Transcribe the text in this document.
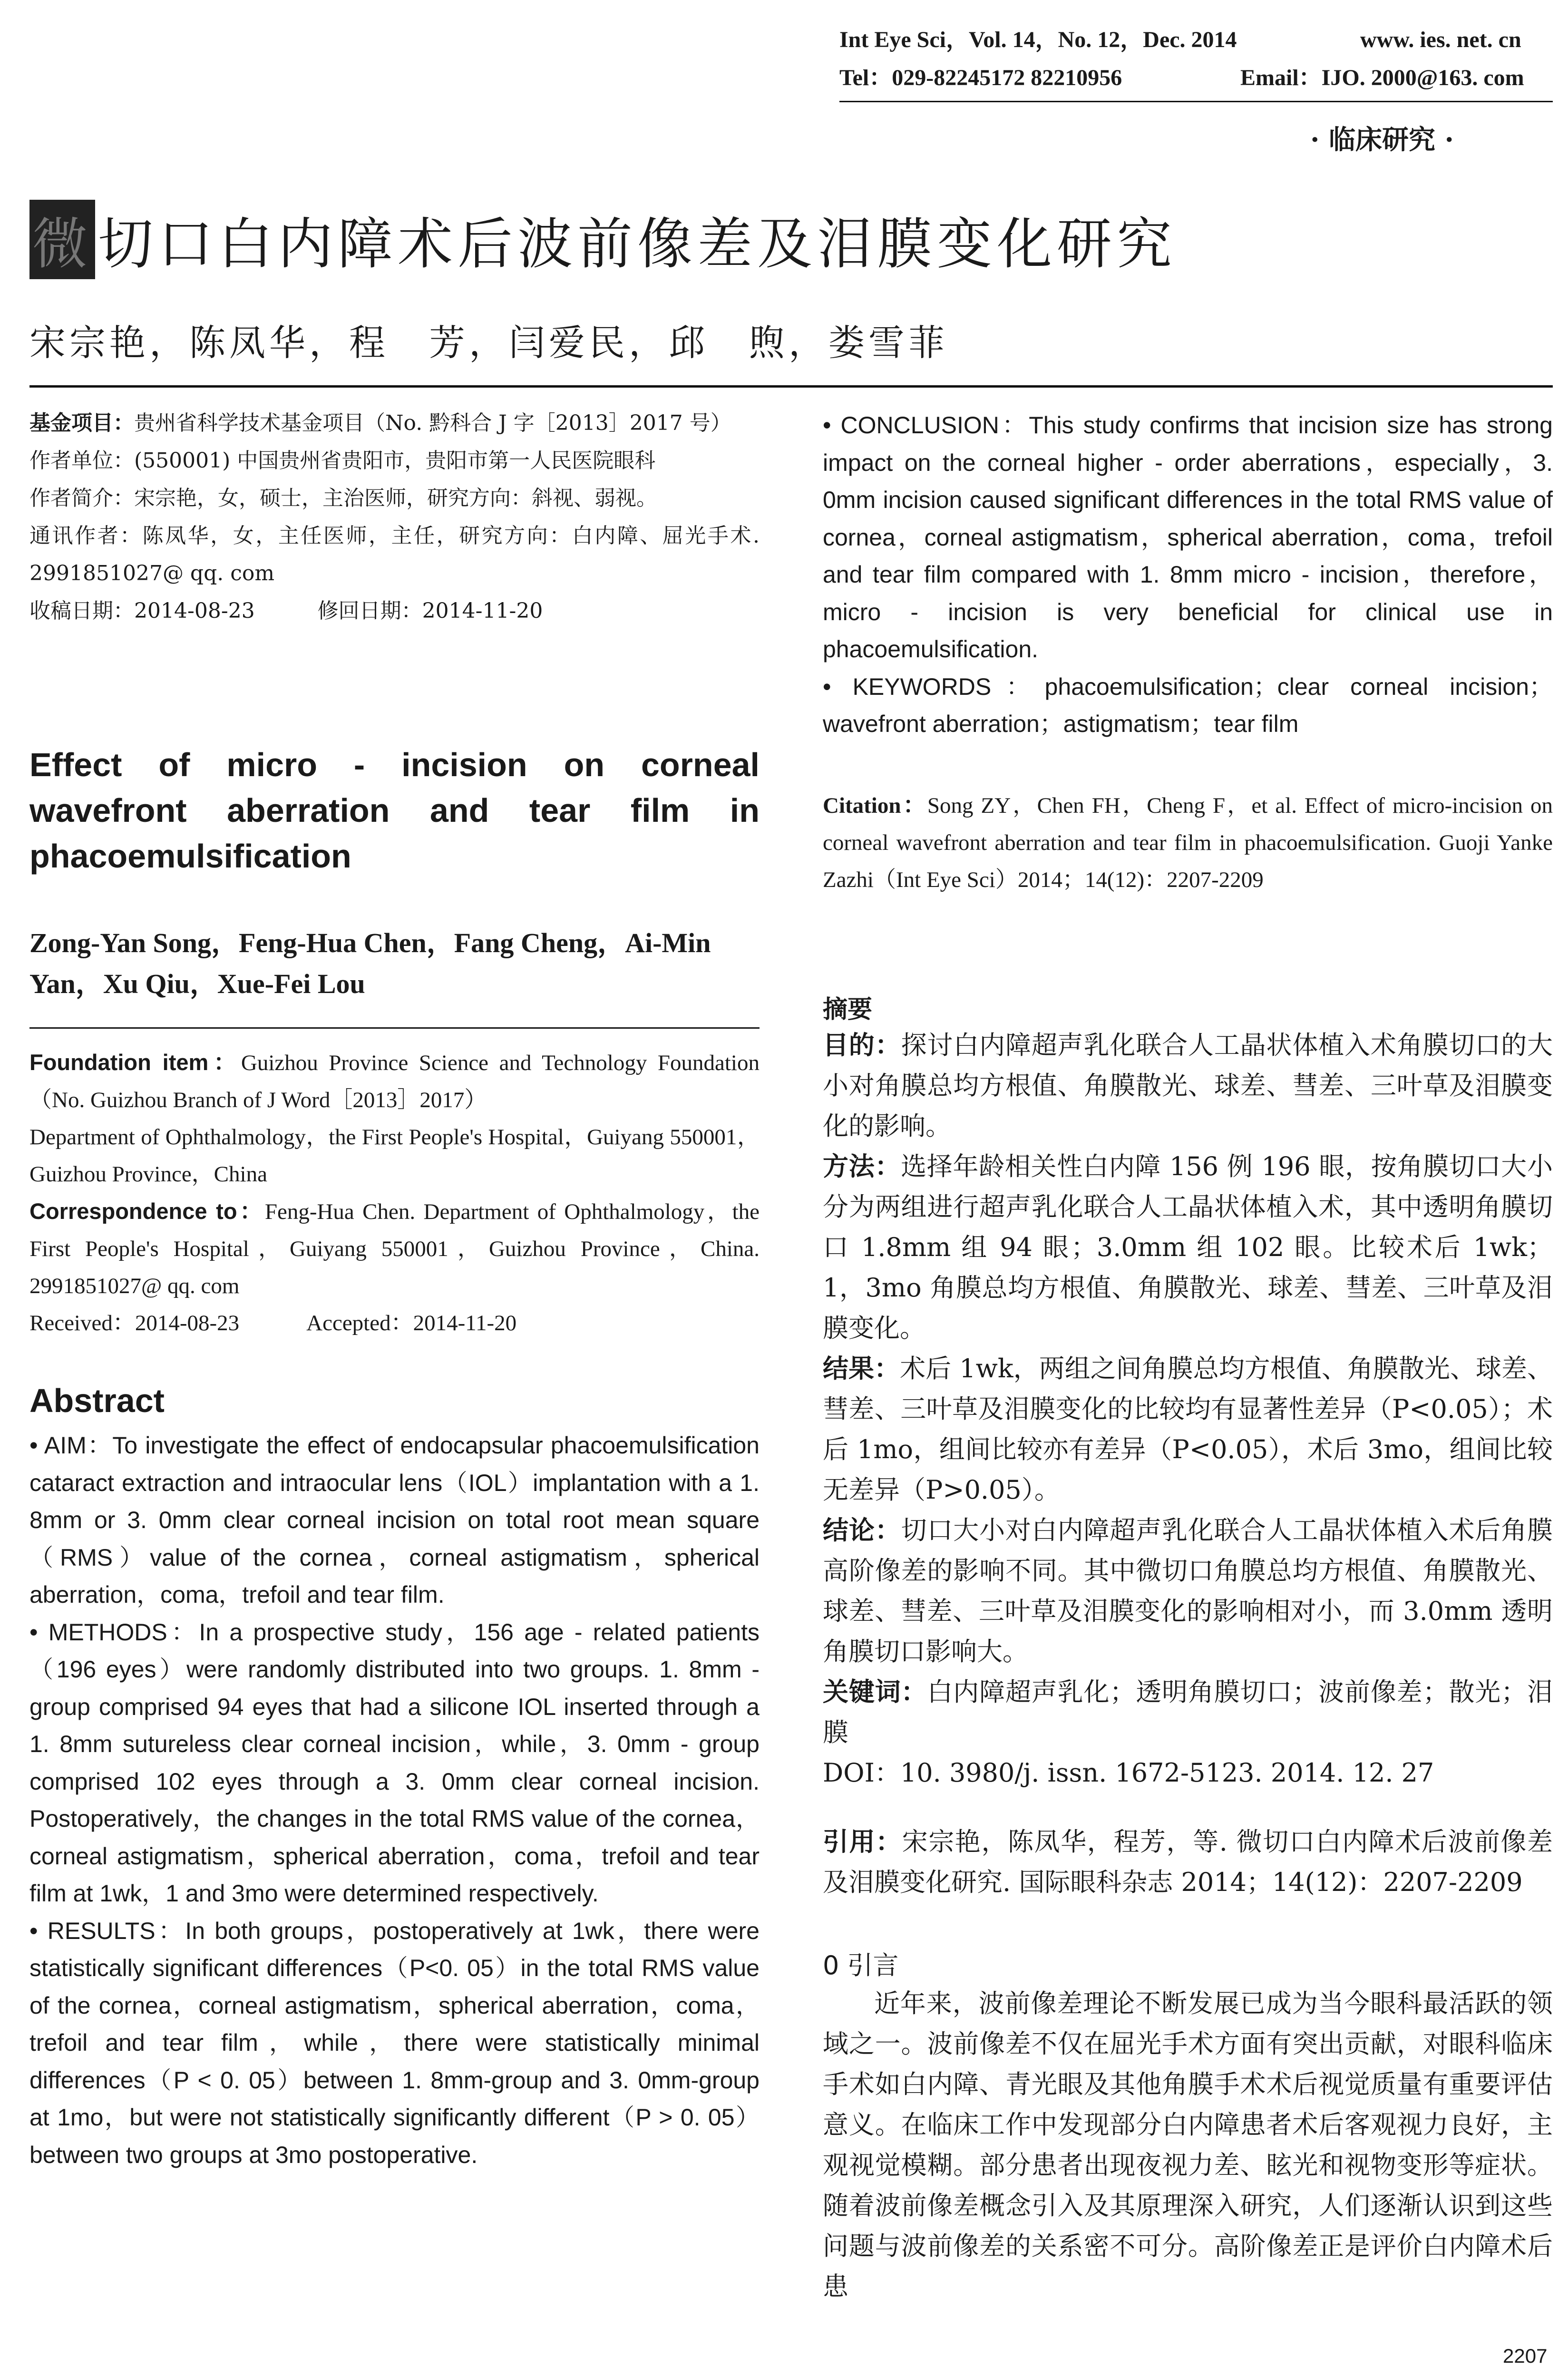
Int Eye Sci，Vol. 14，No. 12，Dec. 2014	www. ies. net. cn
Tel：029-82245172 82210956	Email：IJO. 2000@163. com
· 临床研究 ·
微 切口白内障术后波前像差及泪膜变化研究
宋宗艳，陈凤华，程　芳，闫爱民，邱　煦，娄雪菲
基金项目：贵州省科学技术基金项目（No. 黔科合 J 字［2013］2017 号）
作者单位：(550001) 中国贵州省贵阳市，贵阳市第一人民医院眼科
作者简介：宋宗艳，女，硕士，主治医师，研究方向：斜视、弱视。
通讯作者：陈凤华，女，主任医师，主任，研究方向：白内障、屈光手术. 2991851027@ qq. com
收稿日期：2014-08-23　　　修回日期：2014-11-20
Effect of micro - incision on corneal wavefront aberration and tear film in phacoemulsification
Zong-Yan Song，Feng-Hua Chen，Fang Cheng，Ai-Min Yan，Xu Qiu，Xue-Fei Lou
Foundation item：Guizhou Province Science and Technology Foundation（No. Guizhou Branch of J Word［2013］2017）
Department of Ophthalmology，the First People's Hospital，Guiyang 550001，Guizhou Province，China
Correspondence to：Feng-Hua Chen. Department of Ophthalmology，the First People's Hospital，Guiyang 550001，Guizhou Province，China. 2991851027@ qq. com
Received：2014-08-23　　　Accepted：2014-11-20
Abstract
• AIM：To investigate the effect of endocapsular phacoemulsification cataract extraction and intraocular lens（IOL）implantation with a 1. 8mm or 3. 0mm clear corneal incision on total root mean square（RMS）value of the cornea，corneal astigmatism，spherical aberration，coma，trefoil and tear film.
• METHODS：In a prospective study，156 age - related patients（196 eyes）were randomly distributed into two groups. 1. 8mm - group comprised 94 eyes that had a silicone IOL inserted through a 1. 8mm sutureless clear corneal incision，while，3. 0mm - group comprised 102 eyes through a 3. 0mm clear corneal incision. Postoperatively，the changes in the total RMS value of the cornea，corneal astigmatism，spherical aberration，coma，trefoil and tear film at 1wk，1 and 3mo were determined respectively.
• RESULTS：In both groups，postoperatively at 1wk，there were statistically significant differences（P<0. 05）in the total RMS value of the cornea，corneal astigmatism，spherical aberration，coma，trefoil and tear film，while，there were statistically minimal differences（P < 0. 05）between 1. 8mm-group and 3. 0mm-group at 1mo，but were not statistically significantly different（P > 0. 05）between two groups at 3mo postoperative.
• CONCLUSION：This study confirms that incision size has strong impact on the corneal higher - order aberrations，especially，3. 0mm incision caused significant differences in the total RMS value of cornea，corneal astigmatism，spherical aberration，coma，trefoil and tear film compared with 1. 8mm micro - incision，therefore，micro - incision is very beneficial for clinical use in phacoemulsification.
• KEYWORDS：phacoemulsification；clear corneal incision；wavefront aberration；astigmatism；tear film
Citation：Song ZY，Chen FH，Cheng F，et al. Effect of micro-incision on corneal wavefront aberration and tear film in phacoemulsification. Guoji Yanke Zazhi（Int Eye Sci）2014；14(12)：2207-2209
摘要
目的：探讨白内障超声乳化联合人工晶状体植入术角膜切口的大小对角膜总均方根值、角膜散光、球差、彗差、三叶草及泪膜变化的影响。
方法：选择年龄相关性白内障 156 例 196 眼，按角膜切口大小分为两组进行超声乳化联合人工晶状体植入术，其中透明角膜切口 1.8mm 组 94 眼；3.0mm 组 102 眼。比较术后 1wk；1，3mo 角膜总均方根值、角膜散光、球差、彗差、三叶草及泪膜变化。
结果：术后 1wk，两组之间角膜总均方根值、角膜散光、球差、彗差、三叶草及泪膜变化的比较均有显著性差异（P<0.05）；术后 1mo，组间比较亦有差异（P<0.05），术后 3mo，组间比较无差异（P>0.05）。
结论：切口大小对白内障超声乳化联合人工晶状体植入术后角膜高阶像差的影响不同。其中微切口角膜总均方根值、角膜散光、球差、彗差、三叶草及泪膜变化的影响相对小，而 3.0mm 透明角膜切口影响大。
关键词：白内障超声乳化；透明角膜切口；波前像差；散光；泪膜
DOI：10. 3980/j. issn. 1672-5123. 2014. 12. 27
引用：宋宗艳，陈凤华，程芳，等. 微切口白内障术后波前像差及泪膜变化研究. 国际眼科杂志 2014；14(12)：2207-2209
0 引言
近年来，波前像差理论不断发展已成为当今眼科最活跃的领域之一。波前像差不仅在屈光手术方面有突出贡献，对眼科临床手术如白内障、青光眼及其他角膜手术术后视觉质量有重要评估意义。在临床工作中发现部分白内障患者术后客观视力良好，主观视觉模糊。部分患者出现夜视力差、眩光和视物变形等症状。随着波前像差概念引入及其原理深入研究，人们逐渐认识到这些问题与波前像差的关系密不可分。高阶像差正是评价白内障术后患
2207
